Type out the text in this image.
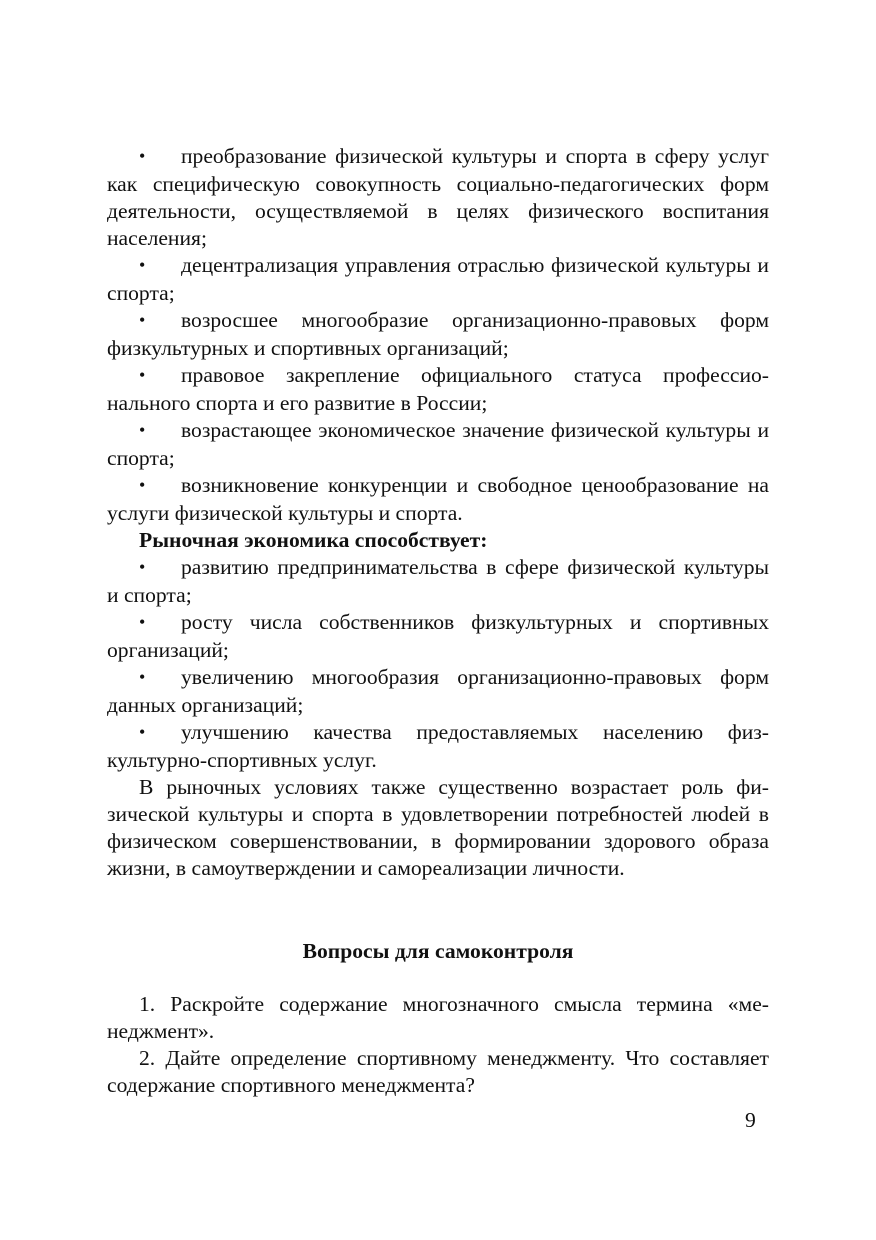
•преобразование физической культуры и спорта в сферу услуг как специфическую совокупность социально-педагогических форм деятельности, осуществляемой в целях физического воспитания населения;

•децентрализация управления отраслью физической культуры и спорта;

•возросшее многообразие организационно-правовых форм физкультурных и спортивных организаций;

•правовое закрепление официального статуса профессионального спорта и его развитие в России;

•возрастающее экономическое значение физической культуры и спорта;

•возникновение конкуренции и свободное ценообразование на услуги физической культуры и спорта.

Рыночная экономика способствует:

•развитию предпринимательства в сфере физической культуры и спорта;

•росту числа собственников физкультурных и спортивных организаций;

•увеличению многообразия организационно-правовых форм данных организаций;

•улучшению качества предоставляемых населению физкультурно-спортивных услуг.

В рыночных условиях также существенно возрастает роль физической культуры и спорта в удовлетворении потребностей люdей в физическом совершенствовании, в формировании здорового образа жизни, в самоутверждении и самореализации личности.

Вопросы для самоконтроля

1. Раскройте содержание многозначного смысла термина «менеджмент».

2. Дайте определение спортивному менеджменту. Что составляет содержание спортивного менеджмента?

9
